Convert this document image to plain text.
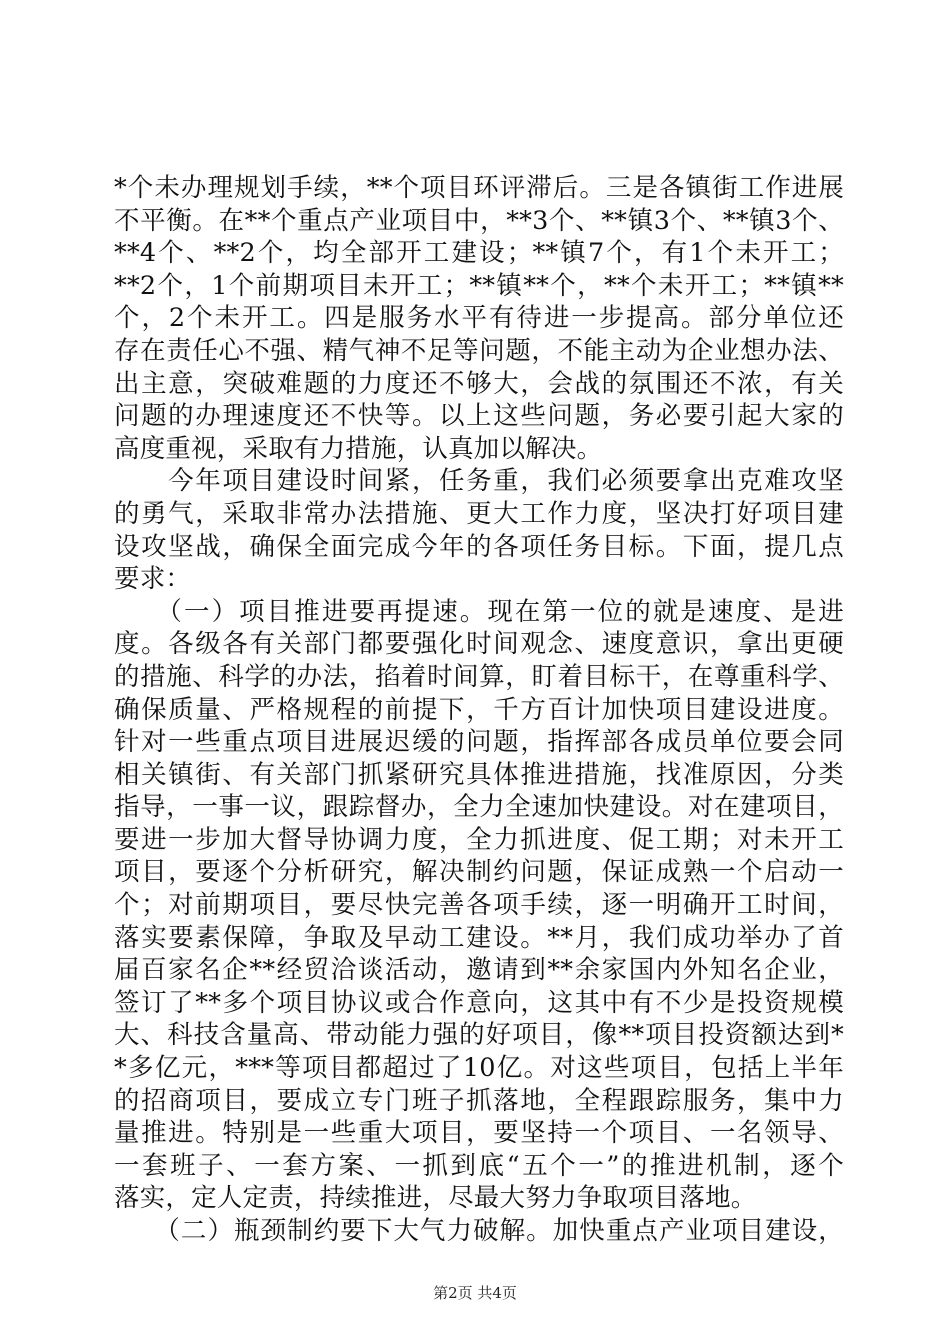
*个未办理规划手续，**个项目环评滞后。三是各镇街工作进展
不平衡。在**个重点产业项目中，**3个、**镇3个、**镇3个、
**4个、**2个，均全部开工建设；**镇7个，有1个未开工；
**2个，1个前期项目未开工；**镇**个，**个未开工；**镇**
个，2个未开工。四是服务水平有待进一步提高。部分单位还
存在责任心不强、精气神不足等问题，不能主动为企业想办法、
出主意，突破难题的力度还不够大，会战的氛围还不浓，有关
问题的办理速度还不快等。以上这些问题，务必要引起大家的
高度重视，采取有力措施，认真加以解决。
　　今年项目建设时间紧，任务重，我们必须要拿出克难攻坚
的勇气，采取非常办法措施、更大工作力度，坚决打好项目建
设攻坚战，确保全面完成今年的各项任务目标。下面，提几点
要求：
　　（一）项目推进要再提速。现在第一位的就是速度、是进
度。各级各有关部门都要强化时间观念、速度意识，拿出更硬
的措施、科学的办法，掐着时间算，盯着目标干，在尊重科学、
确保质量、严格规程的前提下，千方百计加快项目建设进度。
针对一些重点项目进展迟缓的问题，指挥部各成员单位要会同
相关镇街、有关部门抓紧研究具体推进措施，找准原因，分类
指导，一事一议，跟踪督办，全力全速加快建设。对在建项目，
要进一步加大督导协调力度，全力抓进度、促工期；对未开工
项目，要逐个分析研究，解决制约问题，保证成熟一个启动一
个；对前期项目，要尽快完善各项手续，逐一明确开工时间，
落实要素保障，争取及早动工建设。**月，我们成功举办了首
届百家名企**经贸洽谈活动，邀请到**余家国内外知名企业，
签订了**多个项目协议或合作意向，这其中有不少是投资规模
大、科技含量高、带动能力强的好项目，像**项目投资额达到*
*多亿元，***等项目都超过了10亿。对这些项目，包括上半年
的招商项目，要成立专门班子抓落地，全程跟踪服务，集中力
量推进。特别是一些重大项目，要坚持一个项目、一名领导、
一套班子、一套方案、一抓到底“五个一”的推进机制，逐个
落实，定人定责，持续推进，尽最大努力争取项目落地。
　　（二）瓶颈制约要下大气力破解。加快重点产业项目建设，
第2页 共4页
